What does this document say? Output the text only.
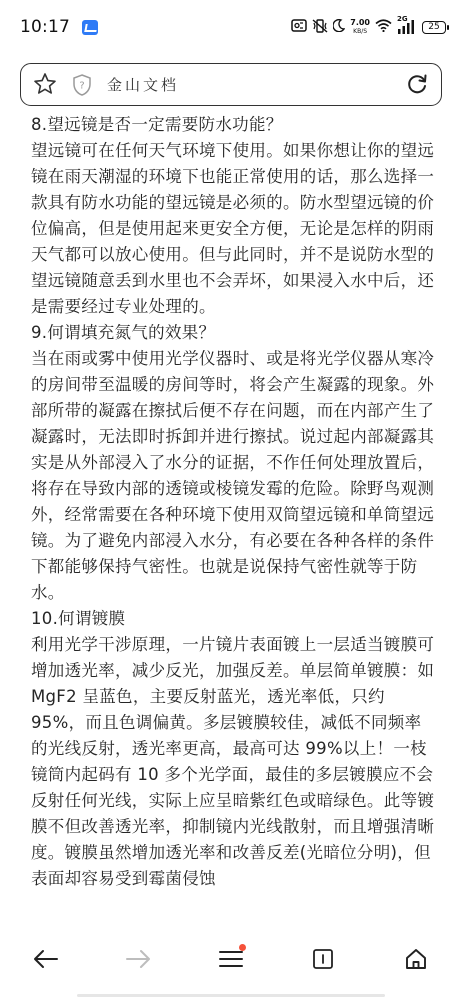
10:17	7.00
KB/S
2G
25
? 金山文档

8.望远镜是否一定需要防水功能？

望远镜可在任何天气环境下使用。如果你想让你的望远镜在雨天潮湿的环境下也能正常使用的话，那么选择一款具有防水功能的望远镜是必须的。防水型望远镜的价位偏高，但是使用起来更安全方便，无论是怎样的阴雨天气都可以放心使用。但与此同时，并不是说防水型的望远镜随意丢到水里也不会弄坏，如果浸入水中后，还是需要经过专业处理的。

9.何谓填充氮气的效果？

当在雨或雾中使用光学仪器时、或是将光学仪器从寒冷的房间带至温暖的房间等时，将会产生凝露的现象。外部所带的凝露在擦拭后便不存在问题，而在内部产生了凝露时，无法即时拆卸并进行擦拭。说过起内部凝露其实是从外部浸入了水分的证据，不作任何处理放置后，将存在导致内部的透镜或棱镜发霉的危险。除野鸟观测外，经常需要在各种环境下使用双筒望远镜和单筒望远镜。为了避免内部浸入水分，有必要在各种各样的条件下都能够保持气密性。也就是说保持气密性就等于防水。

10.何谓镀膜

利用光学干涉原理，一片镜片表面镀上一层适当镀膜可增加透光率，减少反光，加强反差。单层简单镀膜：如 MgF2 呈蓝色，主要反射蓝光，透光率低，只约 95%，而且色调偏黄。多层镀膜较佳，减低不同频率的光线反射，透光率更高，最高可达 99%以上！一枝镜筒内起码有 10 多个光学面，最佳的多层镀膜应不会反射任何光线，实际上应呈暗紫红色或暗绿色。此等镀膜不但改善透光率，抑制镜内光线散射，而且增强清晰度。镀膜虽然增加透光率和改善反差(光暗位分明)，但表面却容易受到霉菌侵蚀
